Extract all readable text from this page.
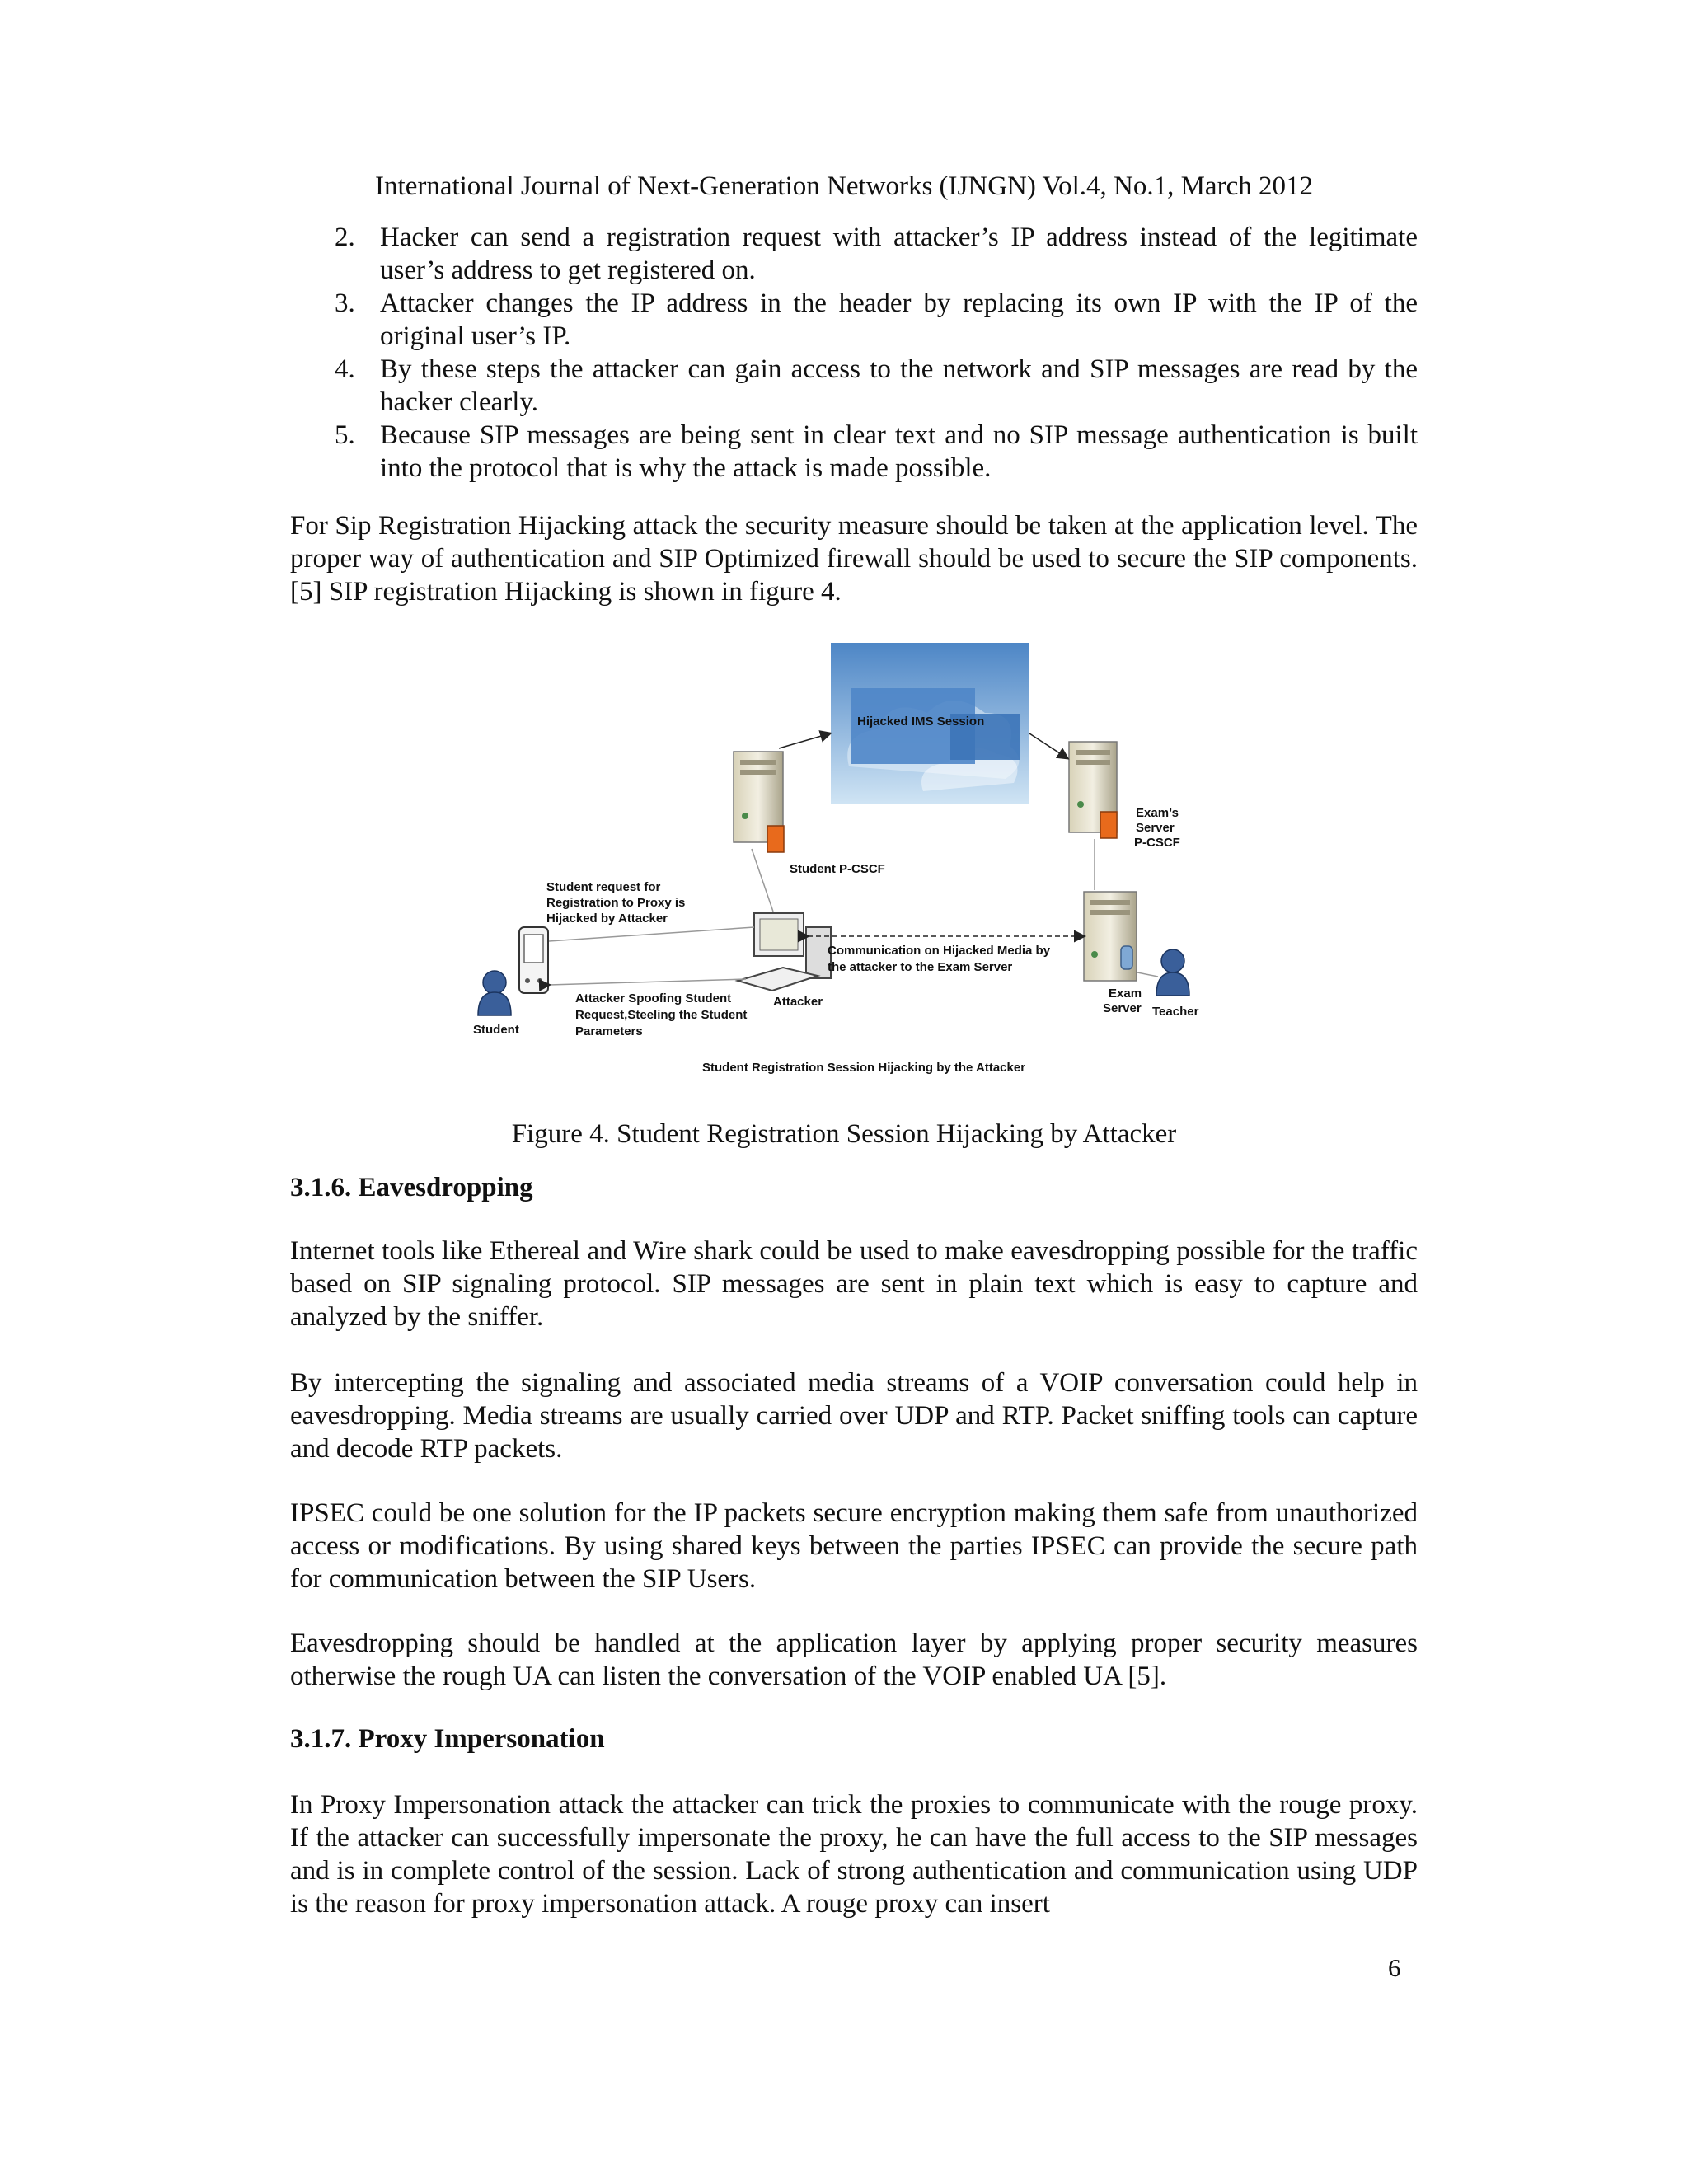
International Journal of Next-Generation Networks (IJNGN) Vol.4, No.1, March 2012
2. Hacker can send a registration request with attacker’s IP address instead of the legitimate user’s address to get registered on.
3. Attacker changes the IP address in the header by replacing its own IP with the IP of the original user’s IP.
4. By these steps the attacker can gain access to the network and SIP messages are read by the hacker clearly.
5. Because SIP messages are being sent in clear text and no SIP message authentication is built into the protocol that is why the attack is made possible.

For Sip Registration Hijacking attack the security measure should be taken at the application level. The proper way of authentication and SIP Optimized firewall should be used to secure the SIP components. [5] SIP registration Hijacking is shown in figure 4.

Hijacked IMS Session
Student P-CSCF
Exam’s
Server
P-CSCF
Exam
Server Teacher
Student
Attacker
Student request for
Registration to Proxy is
Hijacked by Attacker
Communication on Hijacked Media by
the attacker to the Exam Server
Attacker Spoofing Student
Request,Steeling the Student
Parameters
Student Registration Session Hijacking by the Attacker
Figure 4. Student Registration Session Hijacking by Attacker
3.1.6. Eavesdropping

Internet tools like Ethereal and Wire shark could be used to make eavesdropping possible for the traffic based on SIP signaling protocol. SIP messages are sent in plain text which is easy to capture and analyzed by the sniffer.

By intercepting the signaling and associated media streams of a VOIP conversation could help in eavesdropping. Media streams are usually carried over UDP and RTP. Packet sniffing tools can capture and decode RTP packets.

IPSEC could be one solution for the IP packets secure encryption making them safe from unauthorized access or modifications. By using shared keys between the parties IPSEC can provide the secure path for communication between the SIP Users.

Eavesdropping should be handled at the application layer by applying proper security measures otherwise the rough UA can listen the conversation of the VOIP enabled UA [5].

3.1.7. Proxy Impersonation

In Proxy Impersonation attack the attacker can trick the proxies to communicate with the rouge proxy. If the attacker can successfully impersonate the proxy, he can have the full access to the SIP messages and is in complete control of the session. Lack of strong authentication and communication using UDP is the reason for proxy impersonation attack. A rouge proxy can insert

6
